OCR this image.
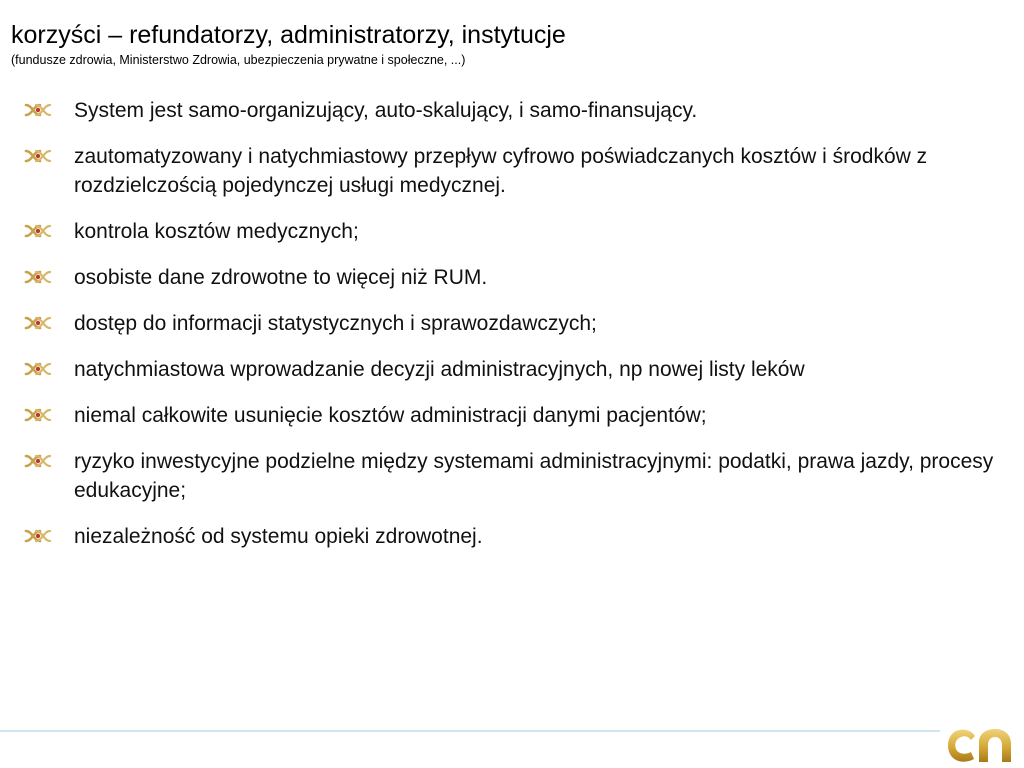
korzyści – refundatorzy, administratorzy, instytucje
(fundusze zdrowia, Ministerstwo Zdrowia, ubezpieczenia prywatne i społeczne, ...)
System jest samo-organizujący, auto-skalujący, i samo-finansujący.
zautomatyzowany i natychmiastowy przepływ cyfrowo poświadczanych kosztów i środków z rozdzielczością pojedynczej usługi medycznej.
kontrola kosztów medycznych;
osobiste dane zdrowotne to więcej niż RUM.
dostęp do informacji statystycznych i sprawozdawczych;
natychmiastowa wprowadzanie decyzji administracyjnych, np nowej listy leków
niemal całkowite usunięcie kosztów administracji danymi pacjentów;
ryzyko inwestycyjne podzielne między systemami administracyjnymi: podatki, prawa jazdy, procesy edukacyjne;
niezależność od systemu opieki zdrowotnej.
